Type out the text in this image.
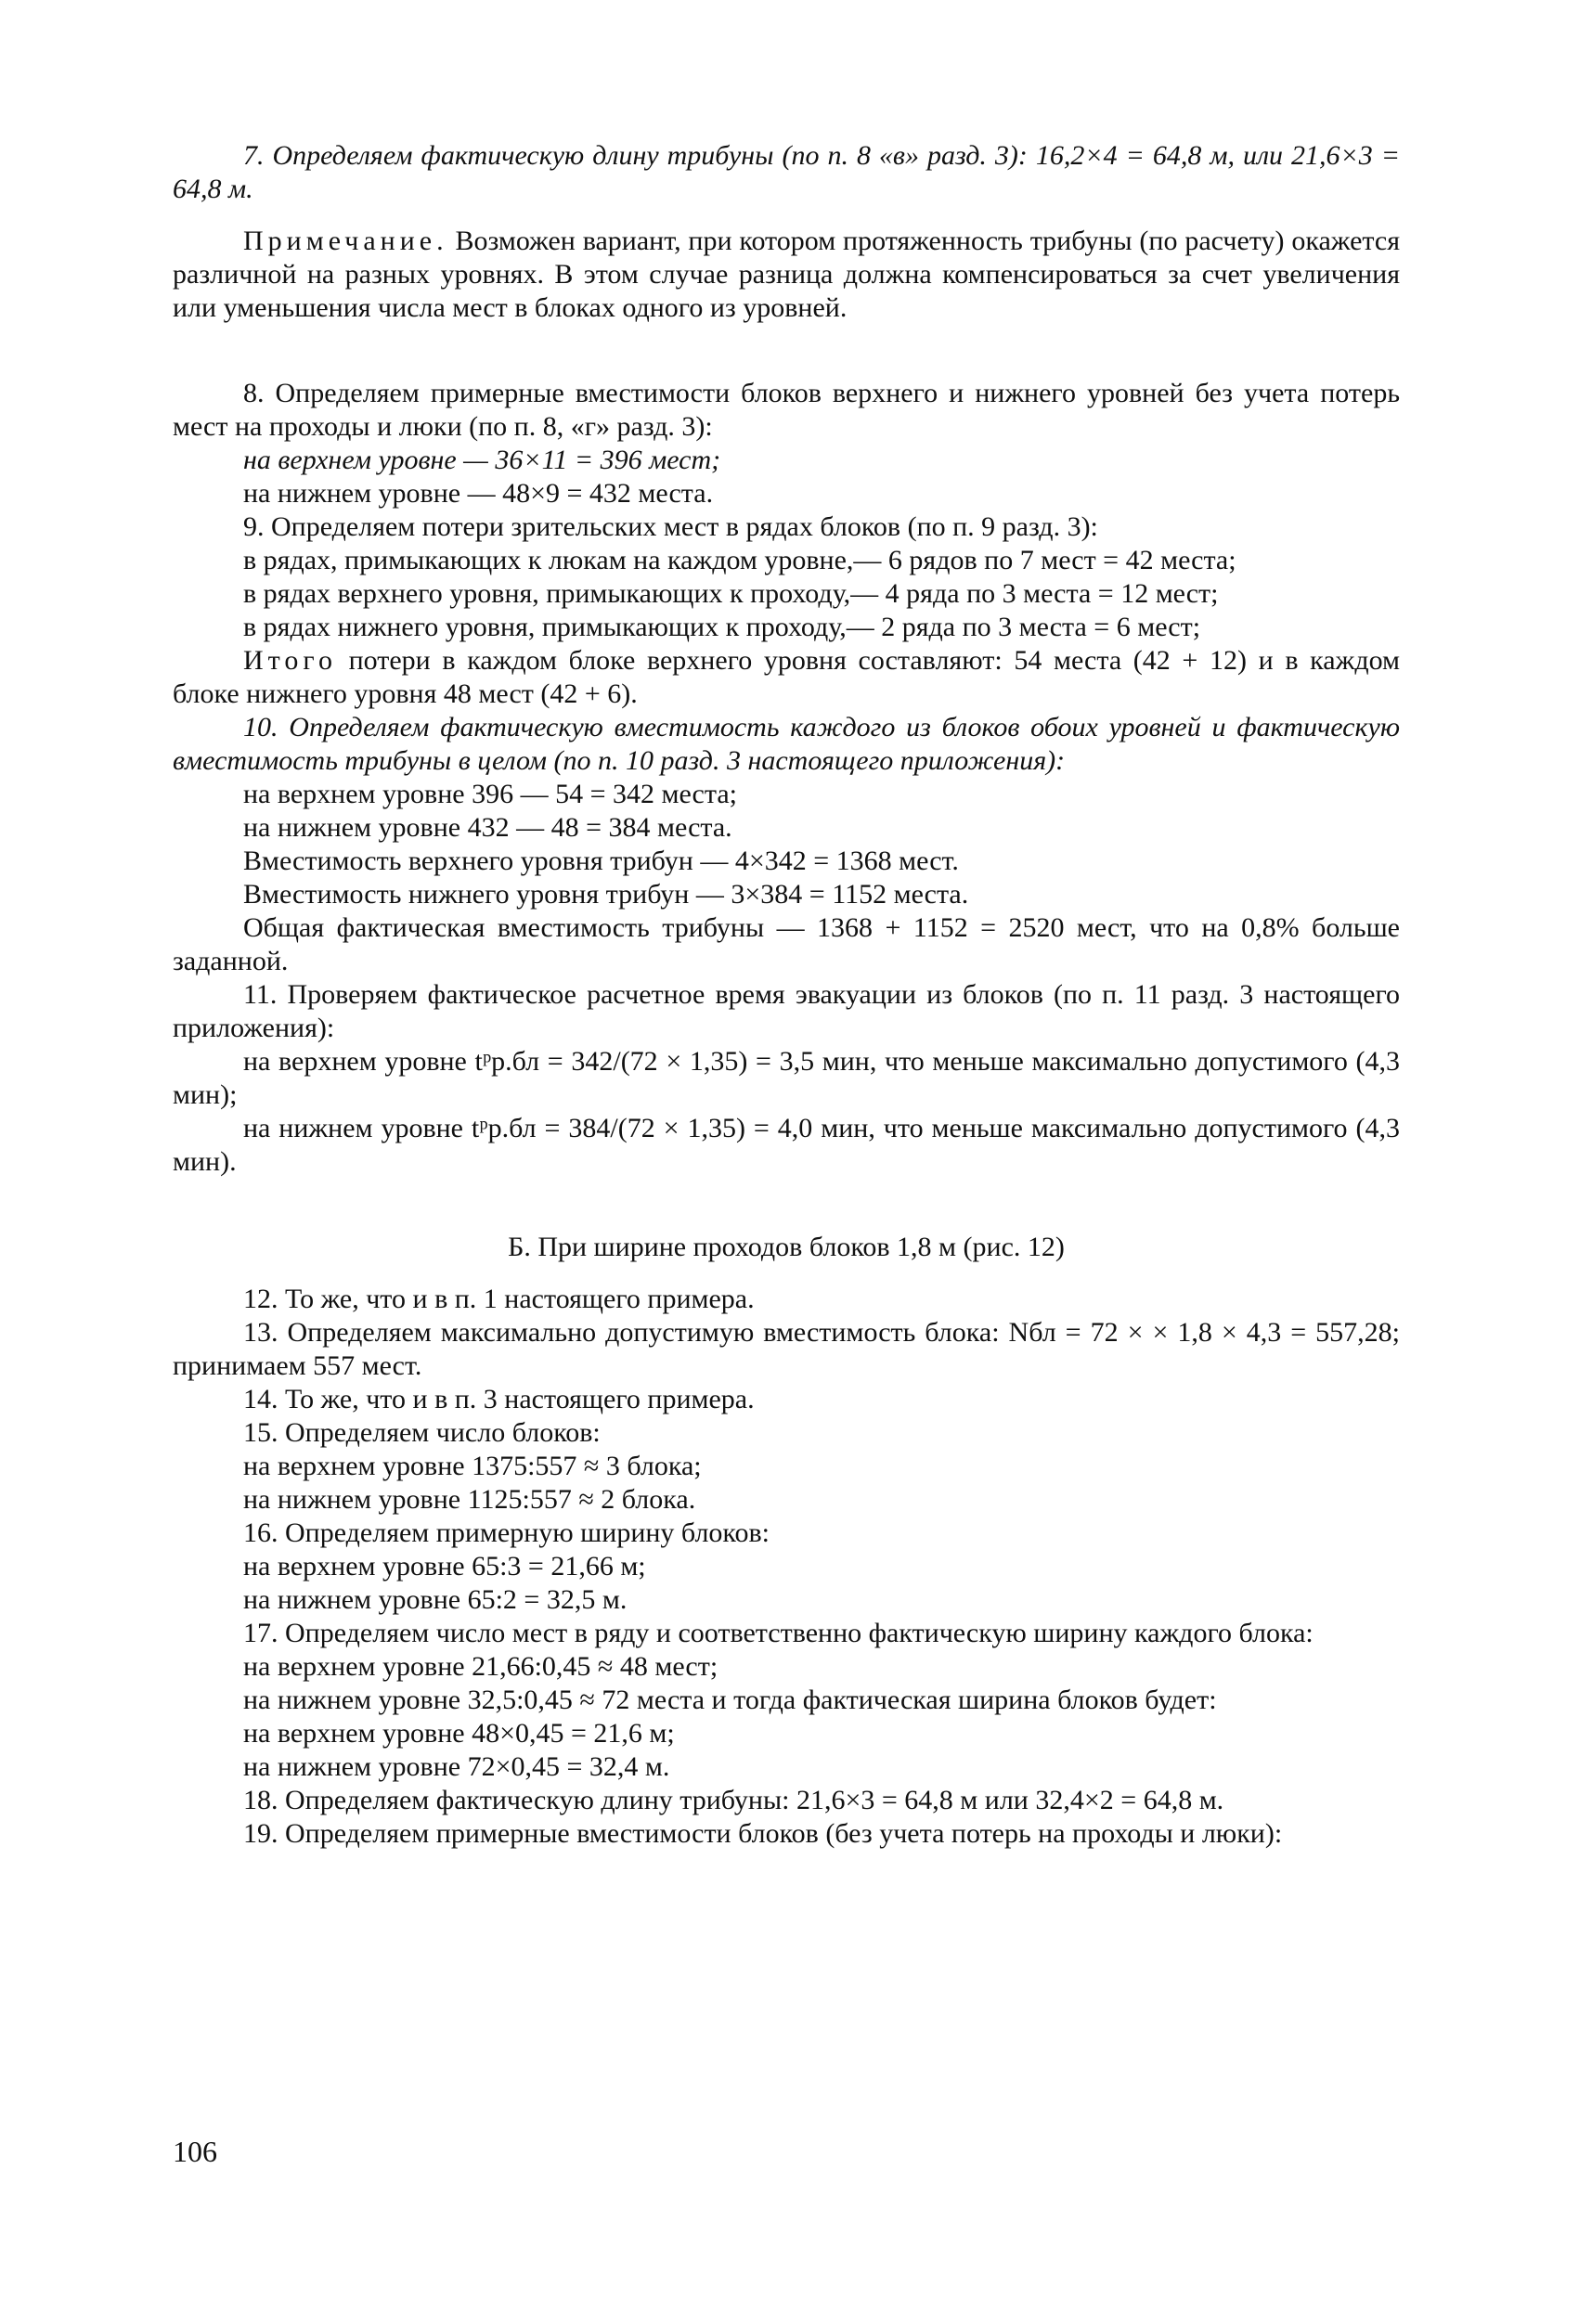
7. Определяем фактическую длину трибуны (по п. 8 «в» разд. 3): 16,2×4 = 64,8 м, или 21,6×3 = 64,8 м.

Примечание. Возможен вариант, при котором протяженность трибуны (по расчету) окажется различной на разных уровнях. В этом случае разница должна компенсироваться за счет увеличения или уменьшения числа мест в блоках одного из уровней.

8. Определяем примерные вместимости блоков верхнего и нижнего уровней без учета потерь мест на проходы и люки (по п. 8, «г» разд. 3):

на верхнем уровне — 36×11 = 396 мест;

на нижнем уровне — 48×9 = 432 места.

9. Определяем потери зрительских мест в рядах блоков (по п. 9 разд. 3):

в рядах, примыкающих к люкам на каждом уровне,— 6 рядов по 7 мест = 42 места;

в рядах верхнего уровня, примыкающих к проходу,— 4 ряда по 3 места = 12 мест;

в рядах нижнего уровня, примыкающих к проходу,— 2 ряда по 3 места = 6 мест;

Итого потери в каждом блоке верхнего уровня составляют: 54 места (42 + 12) и в каждом блоке нижнего уровня 48 мест (42 + 6).

10. Определяем фактическую вместимость каждого из блоков обоих уровней и фактическую вместимость трибуны в целом (по п. 10 разд. 3 настоящего приложения):

на верхнем уровне 396 — 54 = 342 места;

на нижнем уровне 432 — 48 = 384 места.

Вместимость верхнего уровня трибун — 4×342 = 1368 мест.

Вместимость нижнего уровня трибун — 3×384 = 1152 места.

Общая фактическая вместимость трибуны — 1368 + 1152 = 2520 мест, что на 0,8% больше заданной.

11. Проверяем фактическое расчетное время эвакуации из блоков (по п. 11 разд. 3 настоящего приложения):

на верхнем уровне tᵖр.бл = 342/(72 × 1,35) = 3,5 мин, что меньше максимально допустимого (4,3 мин);

на нижнем уровне tᵖр.бл = 384/(72 × 1,35) = 4,0 мин, что меньше максимально допустимого (4,3 мин).

Б. При ширине проходов блоков 1,8 м (рис. 12)

12. То же, что и в п. 1 настоящего примера.

13. Определяем максимально допустимую вместимость блока: Nбл = 72 × × 1,8 × 4,3 = 557,28; принимаем 557 мест.

14. То же, что и в п. 3 настоящего примера.

15. Определяем число блоков:

на верхнем уровне 1375:557 ≈ 3 блока;

на нижнем уровне 1125:557 ≈ 2 блока.

16. Определяем примерную ширину блоков:

на верхнем уровне 65:3 = 21,66 м;

на нижнем уровне 65:2 = 32,5 м.

17. Определяем число мест в ряду и соответственно фактическую ширину каждого блока:

на верхнем уровне 21,66:0,45 ≈ 48 мест;

на нижнем уровне 32,5:0,45 ≈ 72 места и тогда фактическая ширина блоков будет:

на верхнем уровне 48×0,45 = 21,6 м;

на нижнем уровне 72×0,45 = 32,4 м.

18. Определяем фактическую длину трибуны: 21,6×3 = 64,8 м или 32,4×2 = 64,8 м.

19. Определяем примерные вместимости блоков (без учета потерь на проходы и люки):

106
